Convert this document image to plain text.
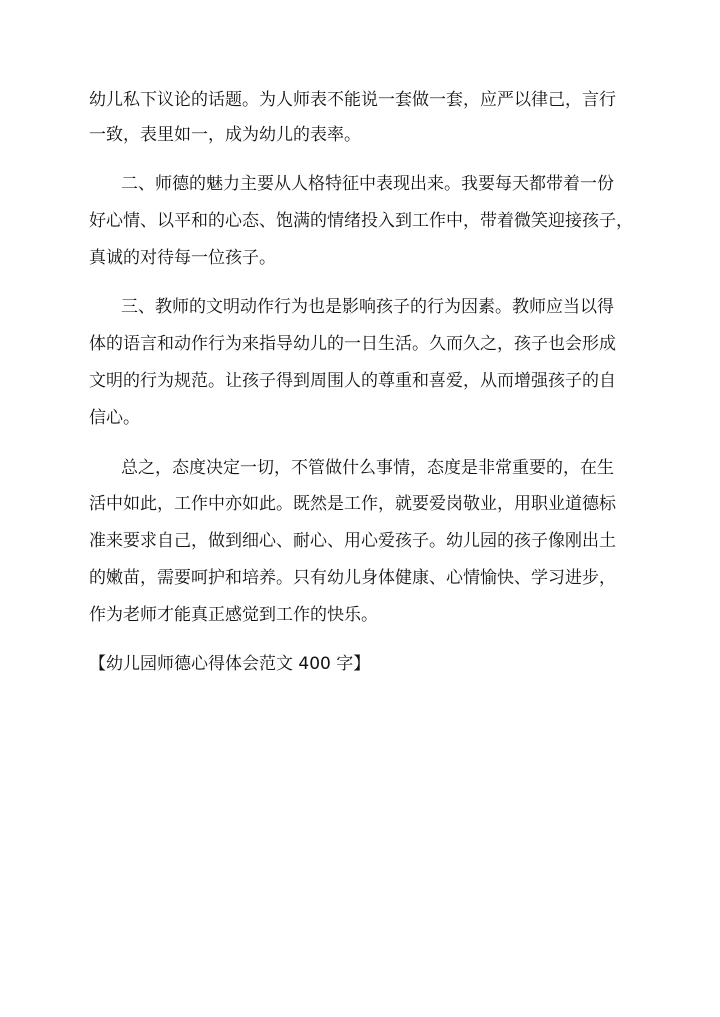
幼儿私下议论的话题。为人师表不能说一套做一套，应严以律己，言行

一致，表里如一，成为幼儿的表率。

二、师德的魅力主要从人格特征中表现出来。我要每天都带着一份

好心情、以平和的心态、饱满的情绪投入到工作中，带着微笑迎接孩子，

真诚的对待每一位孩子。

三、教师的文明动作行为也是影响孩子的行为因素。教师应当以得

体的语言和动作行为来指导幼儿的一日生活。久而久之，孩子也会形成

文明的行为规范。让孩子得到周围人的尊重和喜爱，从而增强孩子的自

信心。

总之，态度决定一切，不管做什么事情，态度是非常重要的，在生

活中如此，工作中亦如此。既然是工作，就要爱岗敬业，用职业道德标

准来要求自己，做到细心、耐心、用心爱孩子。幼儿园的孩子像刚出土

的嫩苗，需要呵护和培养。只有幼儿身体健康、心情愉快、学习进步，

作为老师才能真正感觉到工作的快乐。

【幼儿园师德心得体会范文 400 字】
